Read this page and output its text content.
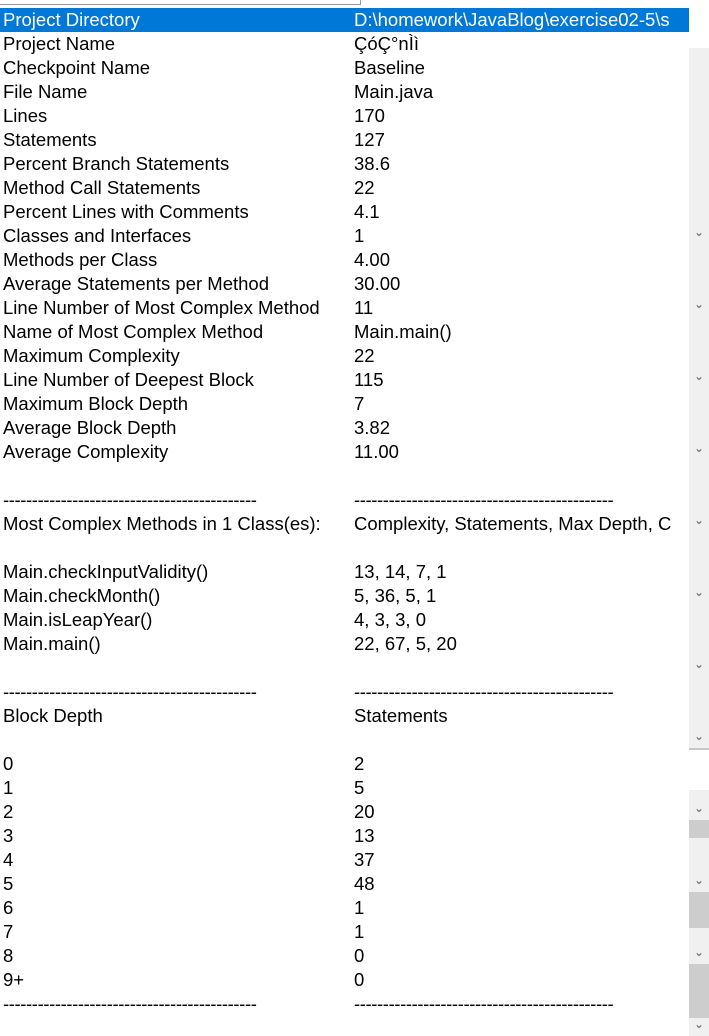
Project Directory	D:\homework\JavaBlog\exercise02-5\s
Project Name	ÇóÇ°nÌì
Checkpoint Name	Baseline
File Name	Main.java
Lines	170
Statements	127
Percent Branch Statements	38.6
Method Call Statements	22
Percent Lines with Comments	4.1
Classes and Interfaces	1
Methods per Class	4.00
Average Statements per Method	30.00
Line Number of Most Complex Method 11
Name of Most Complex Method	Main.main()
Maximum Complexity	22
Line Number of Deepest Block	115
Maximum Block Depth	7
Average Block Depth	3.82
Average Complexity	11.00
--------------------------------------------	---------------------------------------------
Most Complex Methods in 1 Class(es): Complexity, Statements, Max Depth, C
Main.checkInputValidity()	13, 14, 7, 1
Main.checkMonth()	5, 36, 5, 1
Main.isLeapYear()	4, 3, 3, 0
Main.main()	22, 67, 5, 20
--------------------------------------------	---------------------------------------------
Block Depth	Statements
0	2
1	5
2	20
3	13
4	37
5	48
6	1
7	1
8	0
9+	0
--------------------------------------------	---------------------------------------------
⌄
⌄
⌄
⌄
⌄
⌄
⌄
⌄
⌄
⌄
⌄
⌄
